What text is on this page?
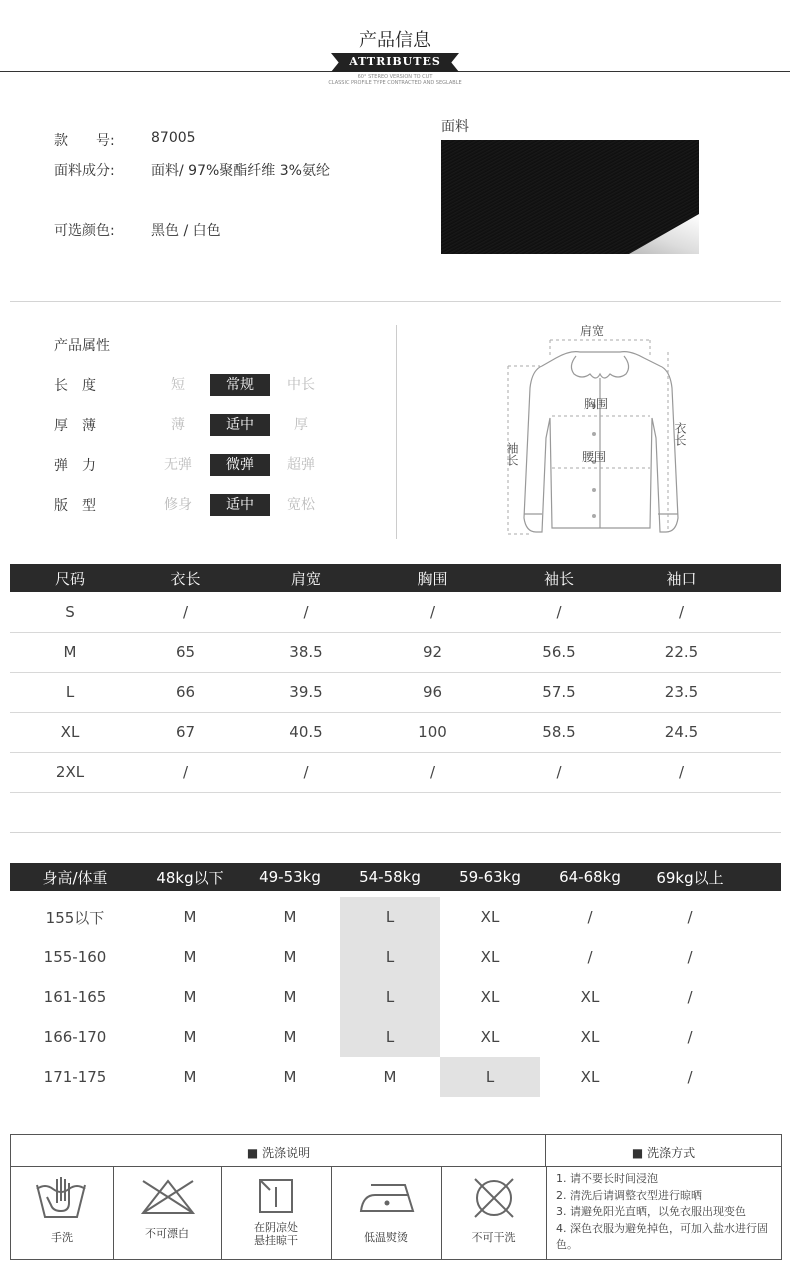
产品信息
ATTRIBUTES
60° STEREO VERSION TO CUT
CLASSIC PROFILE TYPE CONTRACTED AND SEGLABLE
款　　号:	87005
面料成分:	面料/ 97%聚酯纤维 3%氨纶
可选颜色:	黑色 / 白色
面料
产品属性
长　度	短	常规	中长
厚　薄	薄	适中	厚
弹　力	无弹	微弹	超弹
版　型	修身	适中	宽松
肩宽
胸围
腰围
袖长
衣长
尺码	衣长	肩宽	胸围	袖长	袖口	
S	/	/	/	/	/	
M	65	38.5	92	56.5	22.5	
L	66	39.5	96	57.5	23.5	
XL	67	40.5	100	58.5	24.5	
2XL	/	/	/	/	/	
身高/体重	48kg以下	49-53kg	54-58kg	59-63kg	64-68kg	69kg以上	

155以下	M	M	L	XL	/	/	
155-160	M	M	L	XL	/	/	
161-165	M	M	L	XL	XL	/	
166-170	M	M	L	XL	XL	/	
171-175	M	M	M	L	XL	/	
■ 洗涤说明	■ 洗涤方式
手洗	不可漂白	在阴凉处
悬挂晾干	低温熨烫	不可干洗
1. 请不要长时间浸泡
2. 清洗后请调整衣型进行晾晒
3. 请避免阳光直晒，以免衣服出现变色
4. 深色衣服为避免掉色，可加入盐水进行固色。
